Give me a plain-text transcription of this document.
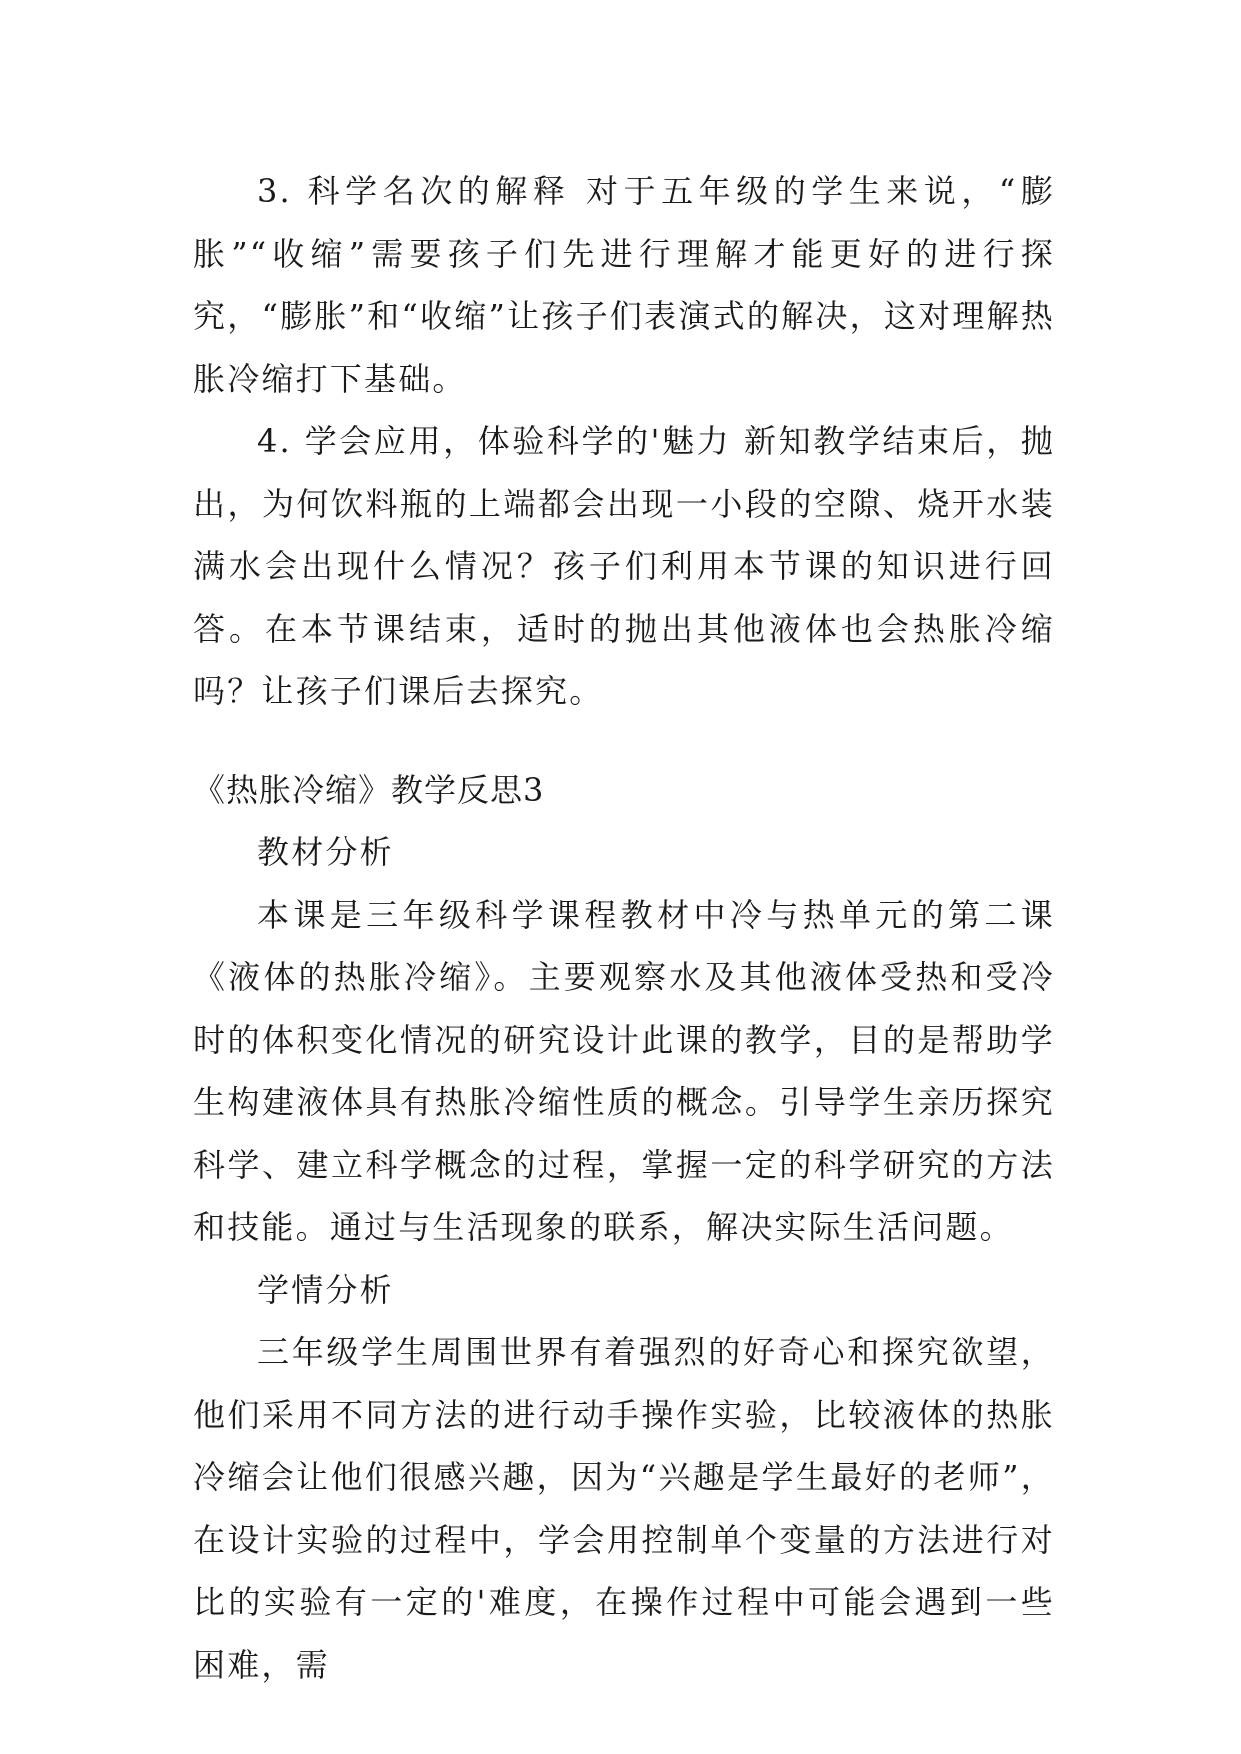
3. 科学名次的解释 对于五年级的学生来说，“膨胀”“收缩”需要孩子们先进行理解才能更好的进行探究，“膨胀”和“收缩”让孩子们表演式的解决，这对理解热胀冷缩打下基础。

4. 学会应用，体验科学的'魅力 新知教学结束后，抛出，为何饮料瓶的上端都会出现一小段的空隙、烧开水装满水会出现什么情况？孩子们利用本节课的知识进行回答。在本节课结束，适时的抛出其他液体也会热胀冷缩吗？让孩子们课后去探究。

《热胀冷缩》教学反思3

教材分析

本课是三年级科学课程教材中冷与热单元的第二课《液体的热胀冷缩》。主要观察水及其他液体受热和受冷时的体积变化情况的研究设计此课的教学，目的是帮助学生构建液体具有热胀冷缩性质的概念。引导学生亲历探究科学、建立科学概念的过程，掌握一定的科学研究的方法和技能。通过与生活现象的联系，解决实际生活问题。

学情分析

三年级学生周围世界有着强烈的好奇心和探究欲望，他们采用不同方法的进行动手操作实验，比较液体的热胀冷缩会让他们很感兴趣，因为“兴趣是学生最好的老师”，在设计实验的过程中，学会用控制单个变量的方法进行对比的实验有一定的'难度，在操作过程中可能会遇到一些困难，需
